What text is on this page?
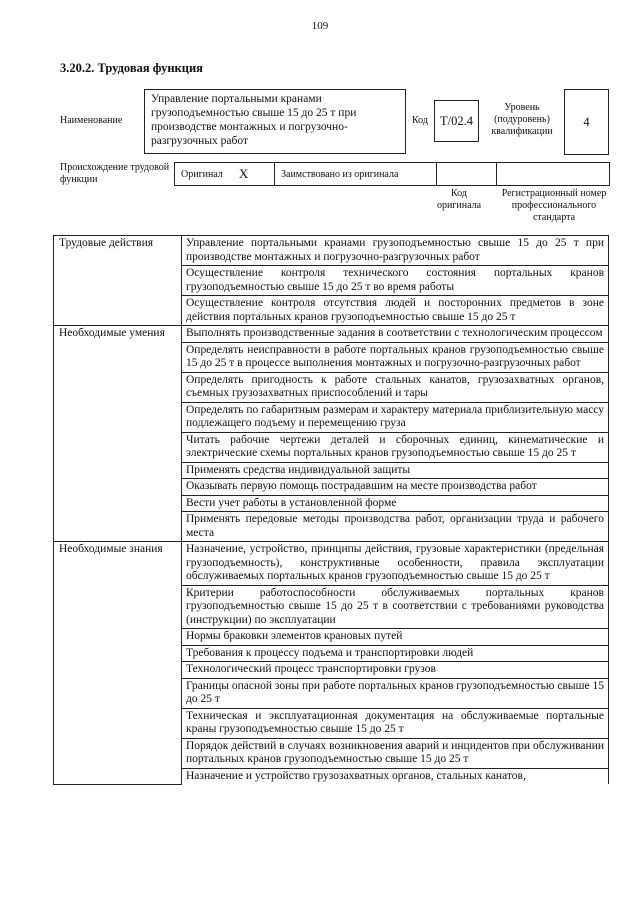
109
3.20.2. Трудовая функция
Наименование
Управление портальными кранами грузоподъемностью свыше 15 до 25 т при производстве монтажных и погрузочно-разгрузочных работ
Код Т/02.4
Уровень (подуровень) квалификации
4
Происхождение трудовой функции	Оригинал X	Заимствовано из оригинала
Код оригинала
Регистрационный номер профессионального стандарта
Трудовые действия	Управление портальными кранами грузоподъемностью свыше 15 до 25 т при производстве монтажных и погрузочно-разгрузочных работ
	Осуществление контроля технического состояния портальных кранов грузоподъемностью свыше 15 до 25 т во время работы
	Осуществление контроля отсутствия людей и посторонних предметов в зоне действия портальных кранов грузоподъемностью свыше 15 до 25 т
Необходимые умения	Выполнять производственные задания в соответствии с технологическим процессом
	Определять неисправности в работе портальных кранов грузоподъемностью свыше 15 до 25 т в процессе выполнения монтажных и погрузочно-разгрузочных работ
	Определять пригодность к работе стальных канатов, грузозахватных органов, съемных грузозахватных приспособлений и тары
	Определять по габаритным размерам и характеру материала приблизительную массу подлежащего подъему и перемещению груза
	Читать рабочие чертежи деталей и сборочных единиц, кинематические и электрические схемы портальных кранов грузоподъемностью свыше 15 до 25 т
	Применять средства индивидуальной защиты
	Оказывать первую помощь пострадавшим на месте производства работ
	Вести учет работы в установленной форме
	Применять передовые методы производства работ, организации труда и рабочего места
Необходимые знания	Назначение, устройство, принципы действия, грузовые характеристики (предельная грузоподъемность), конструктивные особенности, правила эксплуатации обслуживаемых портальных кранов грузоподъемностью свыше 15 до 25 т
	Критерии работоспособности обслуживаемых портальных кранов грузоподъемностью свыше 15 до 25 т в соответствии с требованиями руководства (инструкции) по эксплуатации
	Нормы браковки элементов крановых путей
	Требования к процессу подъема и транспортировки людей
	Технологический процесс транспортировки грузов
	Границы опасной зоны при работе портальных кранов грузоподъемностью свыше 15 до 25 т
	Техническая и эксплуатационная документация на обслуживаемые портальные краны грузоподъемностью свыше 15 до 25 т
	Порядок действий в случаях возникновения аварий и инцидентов при обслуживании портальных кранов грузоподъемностью свыше 15 до 25 т
	Назначение и устройство грузозахватных органов, стальных канатов,
